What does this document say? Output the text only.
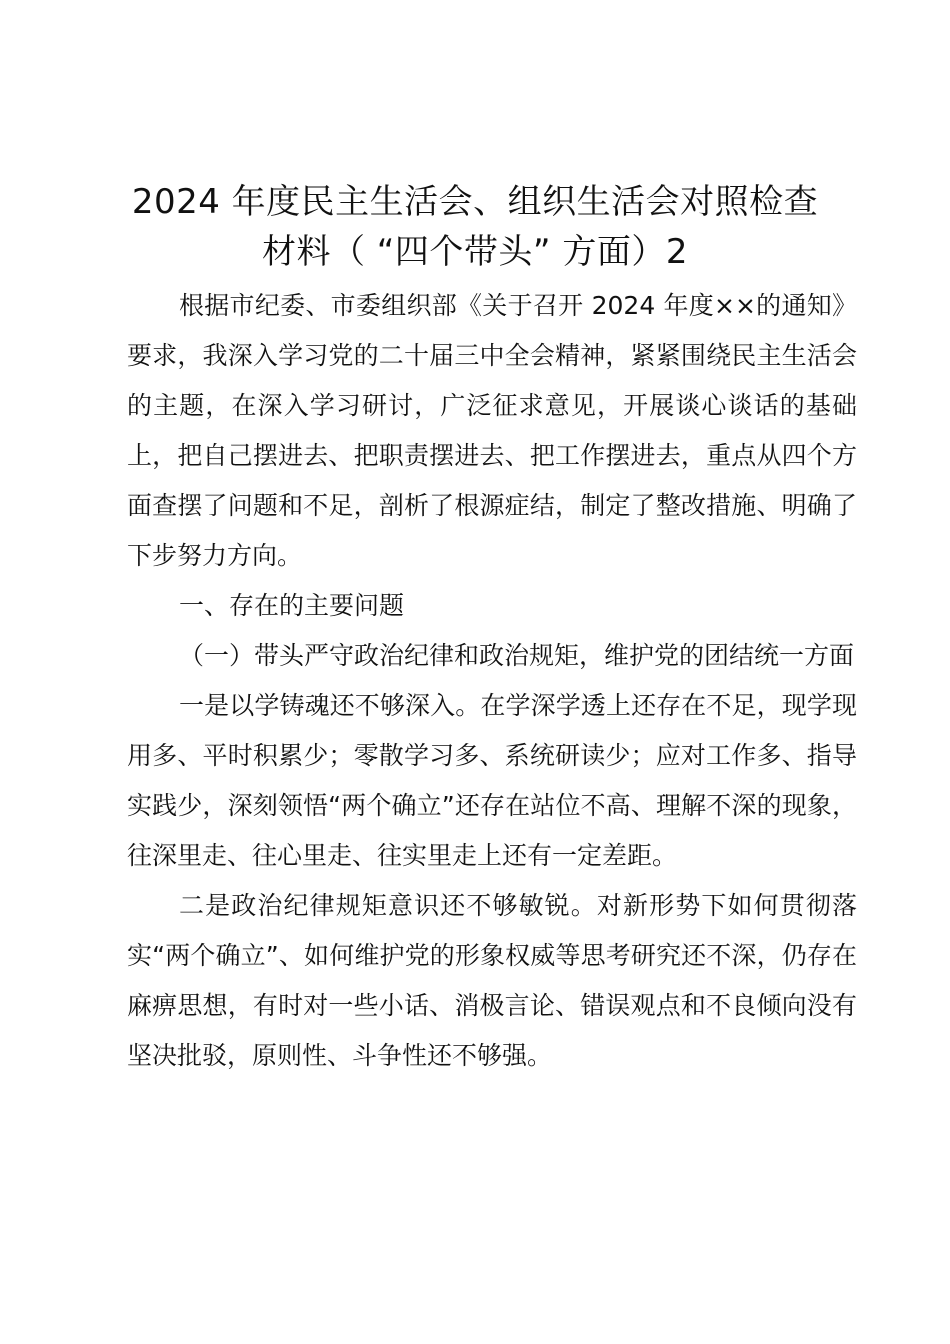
2024 年度民主生活会、组织生活会对照检查
材料（ “四个带头” 方面）2

根据市纪委、市委组织部《关于召开 2024 年度××的通知》要求，我深入学习党的二十届三中全会精神，紧紧围绕民主生活会的主题，在深入学习研讨，广泛征求意见，开展谈心谈话的基础上，把自己摆进去、把职责摆进去、把工作摆进去，重点从四个方面查摆了问题和不足，剖析了根源症结，制定了整改措施、明确了下步努力方向。

一、存在的主要问题

（一）带头严守政治纪律和政治规矩，维护党的团结统一方面

一是以学铸魂还不够深入。在学深学透上还存在不足，现学现用多、平时积累少；零散学习多、系统研读少；应对工作多、指导实践少，深刻领悟“两个确立”还存在站位不高、理解不深的现象，往深里走、往心里走、往实里走上还有一定差距。

二是政治纪律规矩意识还不够敏锐。对新形势下如何贯彻落实“两个确立”、如何维护党的形象权威等思考研究还不深，仍存在麻痹思想，有时对一些小话、消极言论、错误观点和不良倾向没有坚决批驳，原则性、斗争性还不够强。
